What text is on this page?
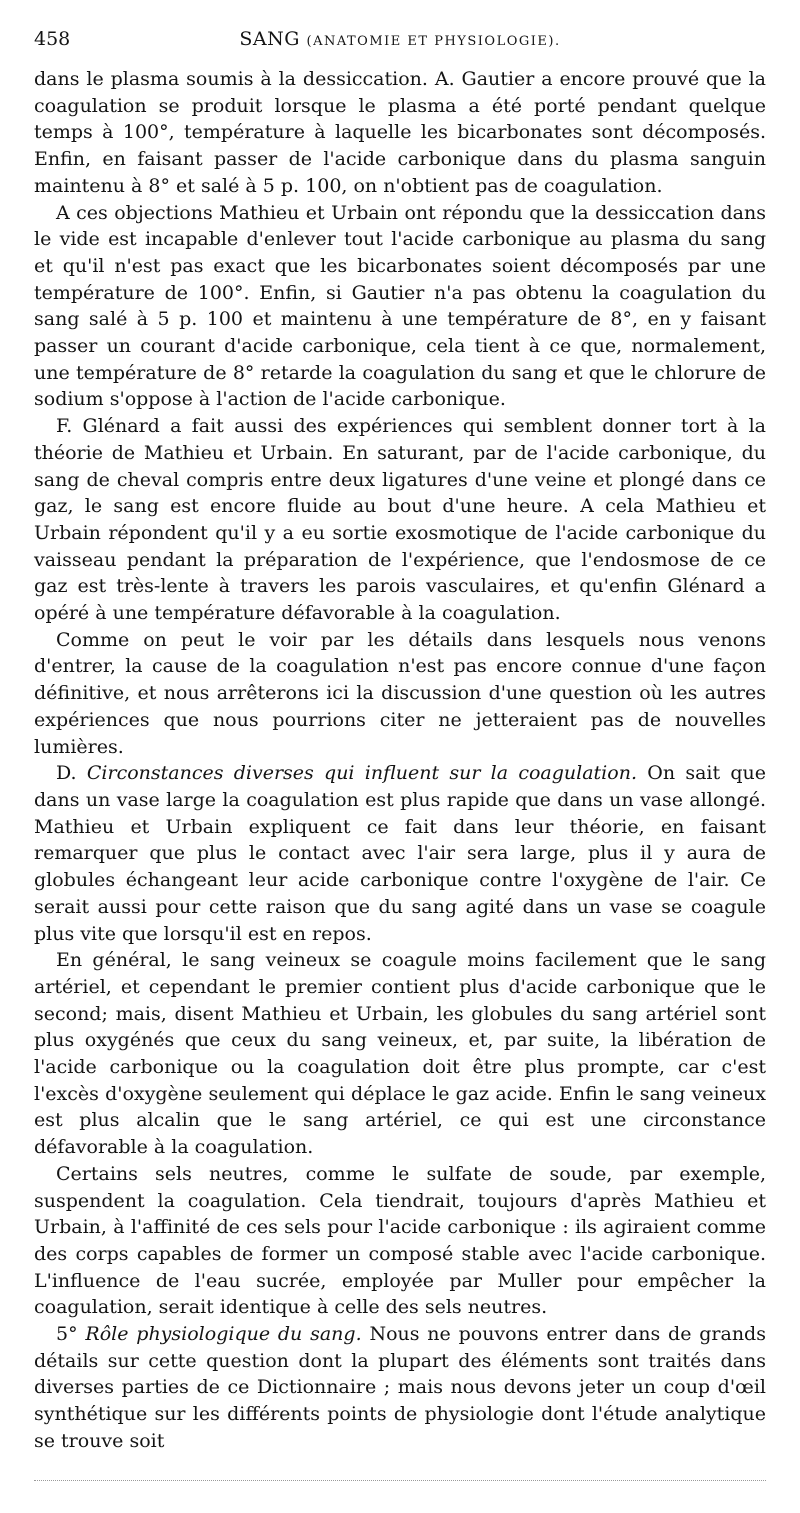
458	SANG (ANATOMIE ET PHYSIOLOGIE).

dans le plasma soumis à la dessiccation. A. Gautier a encore prouvé que la coagulation se produit lorsque le plasma a été porté pendant quelque temps à 100°, température à laquelle les bicarbonates sont décomposés. Enfin, en faisant passer de l'acide carbonique dans du plasma sanguin maintenu à 8° et salé à 5 p. 100, on n'obtient pas de coagulation.

A ces objections Mathieu et Urbain ont répondu que la dessiccation dans le vide est incapable d'enlever tout l'acide carbonique au plasma du sang et qu'il n'est pas exact que les bicarbonates soient décomposés par une température de 100°. Enfin, si Gautier n'a pas obtenu la coagulation du sang salé à 5 p. 100 et maintenu à une température de 8°, en y faisant passer un courant d'acide carbonique, cela tient à ce que, normalement, une température de 8° retarde la coagulation du sang et que le chlorure de sodium s'oppose à l'action de l'acide carbonique.

F. Glénard a fait aussi des expériences qui semblent donner tort à la théorie de Mathieu et Urbain. En saturant, par de l'acide carbonique, du sang de cheval compris entre deux ligatures d'une veine et plongé dans ce gaz, le sang est encore fluide au bout d'une heure. A cela Mathieu et Urbain répondent qu'il y a eu sortie exosmotique de l'acide carbonique du vaisseau pendant la préparation de l'expérience, que l'endosmose de ce gaz est très-lente à travers les parois vasculaires, et qu'enfin Glénard a opéré à une température défavorable à la coagulation.

Comme on peut le voir par les détails dans lesquels nous venons d'entrer, la cause de la coagulation n'est pas encore connue d'une façon définitive, et nous arrêterons ici la discussion d'une question où les autres expériences que nous pourrions citer ne jetteraient pas de nouvelles lumières.

D. Circonstances diverses qui influent sur la coagulation. On sait que dans un vase large la coagulation est plus rapide que dans un vase allongé. Mathieu et Urbain expliquent ce fait dans leur théorie, en faisant remarquer que plus le contact avec l'air sera large, plus il y aura de globules échangeant leur acide carbonique contre l'oxygène de l'air. Ce serait aussi pour cette raison que du sang agité dans un vase se coagule plus vite que lorsqu'il est en repos.

En général, le sang veineux se coagule moins facilement que le sang artériel, et cependant le premier contient plus d'acide carbonique que le second; mais, disent Mathieu et Urbain, les globules du sang artériel sont plus oxygénés que ceux du sang veineux, et, par suite, la libération de l'acide carbonique ou la coagulation doit être plus prompte, car c'est l'excès d'oxygène seulement qui déplace le gaz acide. Enfin le sang veineux est plus alcalin que le sang artériel, ce qui est une circonstance défavorable à la coagulation.

Certains sels neutres, comme le sulfate de soude, par exemple, suspendent la coagulation. Cela tiendrait, toujours d'après Mathieu et Urbain, à l'affinité de ces sels pour l'acide carbonique : ils agiraient comme des corps capables de former un composé stable avec l'acide carbonique. L'influence de l'eau sucrée, employée par Muller pour empêcher la coagulation, serait identique à celle des sels neutres.

5° Rôle physiologique du sang. Nous ne pouvons entrer dans de grands détails sur cette question dont la plupart des éléments sont traités dans diverses parties de ce Dictionnaire ; mais nous devons jeter un coup d'œil synthétique sur les différents points de physiologie dont l'étude analytique se trouve soit
